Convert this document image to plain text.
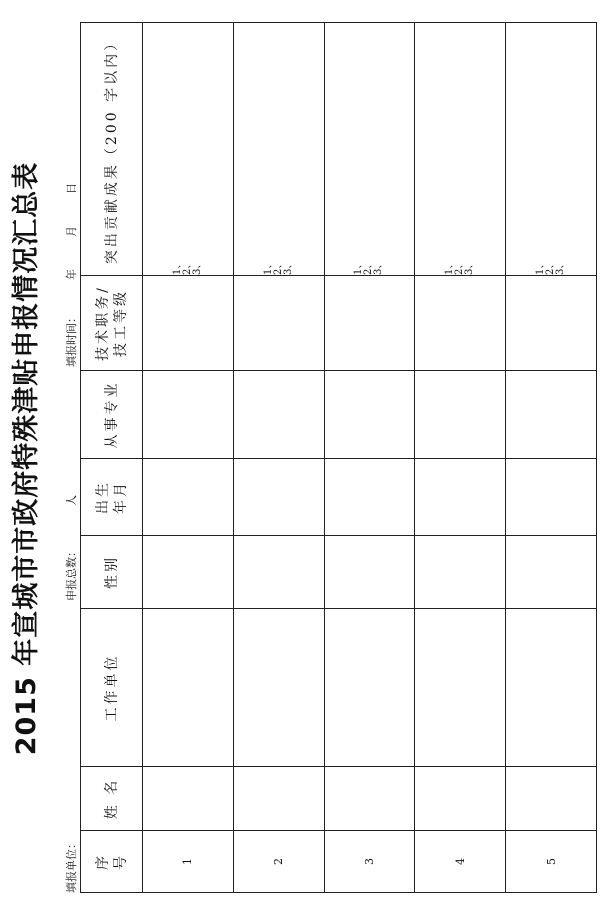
2015 年宣城市市政府特殊津贴申报情况汇总表
填报单位：
申报总数：人
填报时间：年月日
序 号	姓 名	工作单位	性别	出生 年月	从事专业	技术职务/ 技工等级	突出贡献成果（200 字以内）
1							1、 2、 3、

2							1、 2、 3、

3							1、 2、 3、

4							1、 2、 3、

5							1、 2、 3、
